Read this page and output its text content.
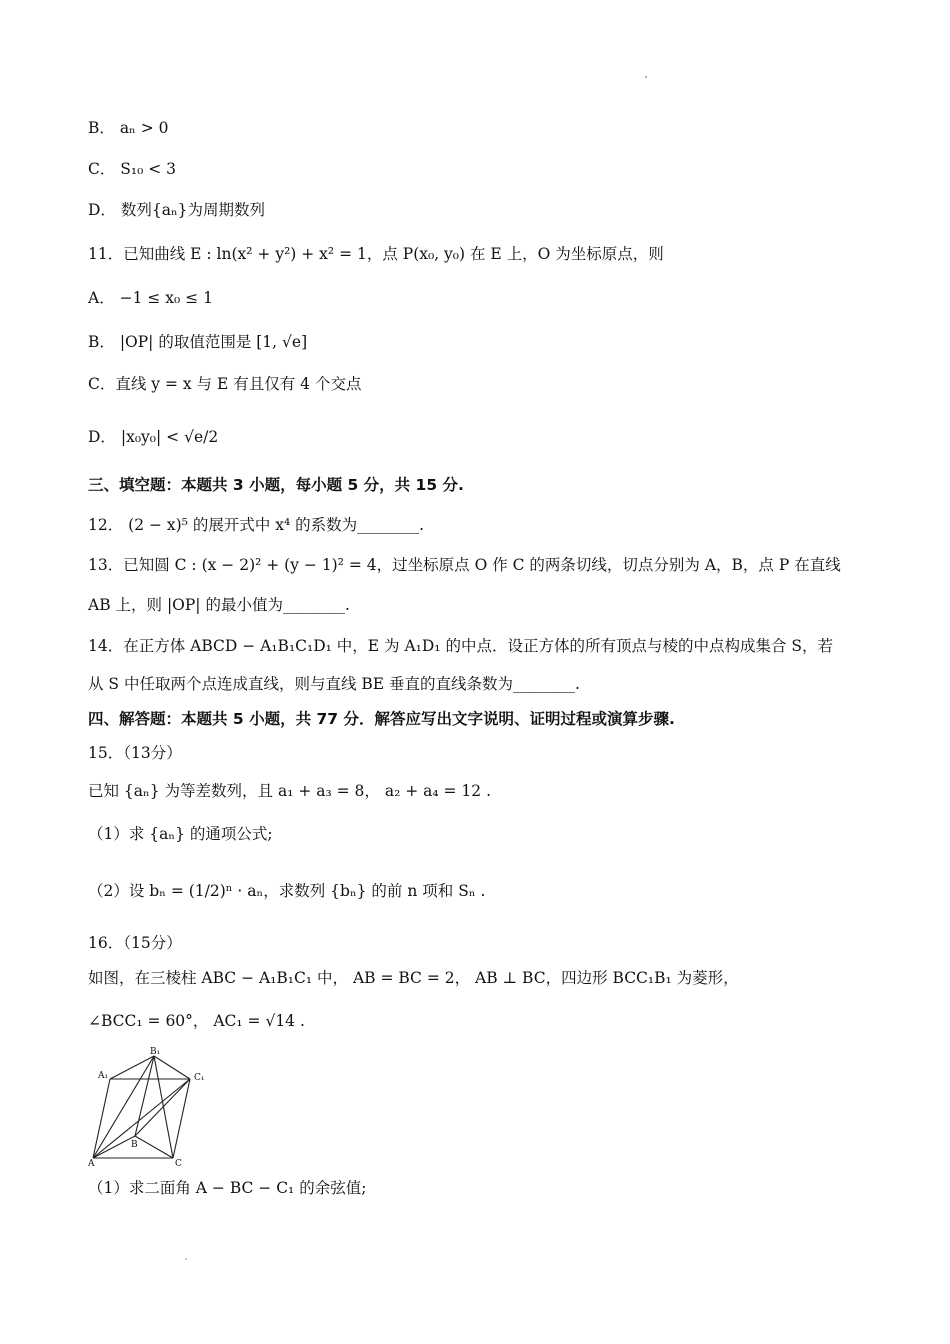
B． aₙ > 0
C． S₁₀ < 3
D． 数列{aₙ}为周期数列
11．已知曲线 E : ln(x² + y²) + x² = 1，点 P(x₀, y₀) 在 E 上，O 为坐标原点，则
A． −1 ≤ x₀ ≤ 1
B． |OP| 的取值范围是 [1, √e]
C．直线 y = x 与 E 有且仅有 4 个交点
D． |x₀y₀| < √e/2
三、填空题：本题共 3 小题，每小题 5 分，共 15 分.
12． (2 − x)⁵ 的展开式中 x⁴ 的系数为________.
13．已知圆 C : (x − 2)² + (y − 1)² = 4，过坐标原点 O 作 C 的两条切线，切点分别为 A，B，点 P 在直线
AB 上，则 |OP| 的最小值为________.
14．在正方体 ABCD − A₁B₁C₁D₁ 中，E 为 A₁D₁ 的中点．设正方体的所有顶点与棱的中点构成集合 S，若
从 S 中任取两个点连成直线，则与直线 BE 垂直的直线条数为________.
四、解答题：本题共 5 小题，共 77 分．解答应写出文字说明、证明过程或演算步骤.
15．（13分）
已知 {aₙ} 为等差数列，且 a₁ + a₃ = 8， a₂ + a₄ = 12 .
（1）求 {aₙ} 的通项公式;
（2）设 bₙ = (1/2)ⁿ · aₙ，求数列 {bₙ} 的前 n 项和 Sₙ .
16．（15分）
如图，在三棱柱 ABC − A₁B₁C₁ 中， AB = BC = 2， AB ⊥ BC，四边形 BCC₁B₁ 为菱形，
∠BCC₁ = 60°， AC₁ = √14 .
B₁
A₁	C₁
A
B
C
（1）求二面角 A − BC − C₁ 的余弦值;
